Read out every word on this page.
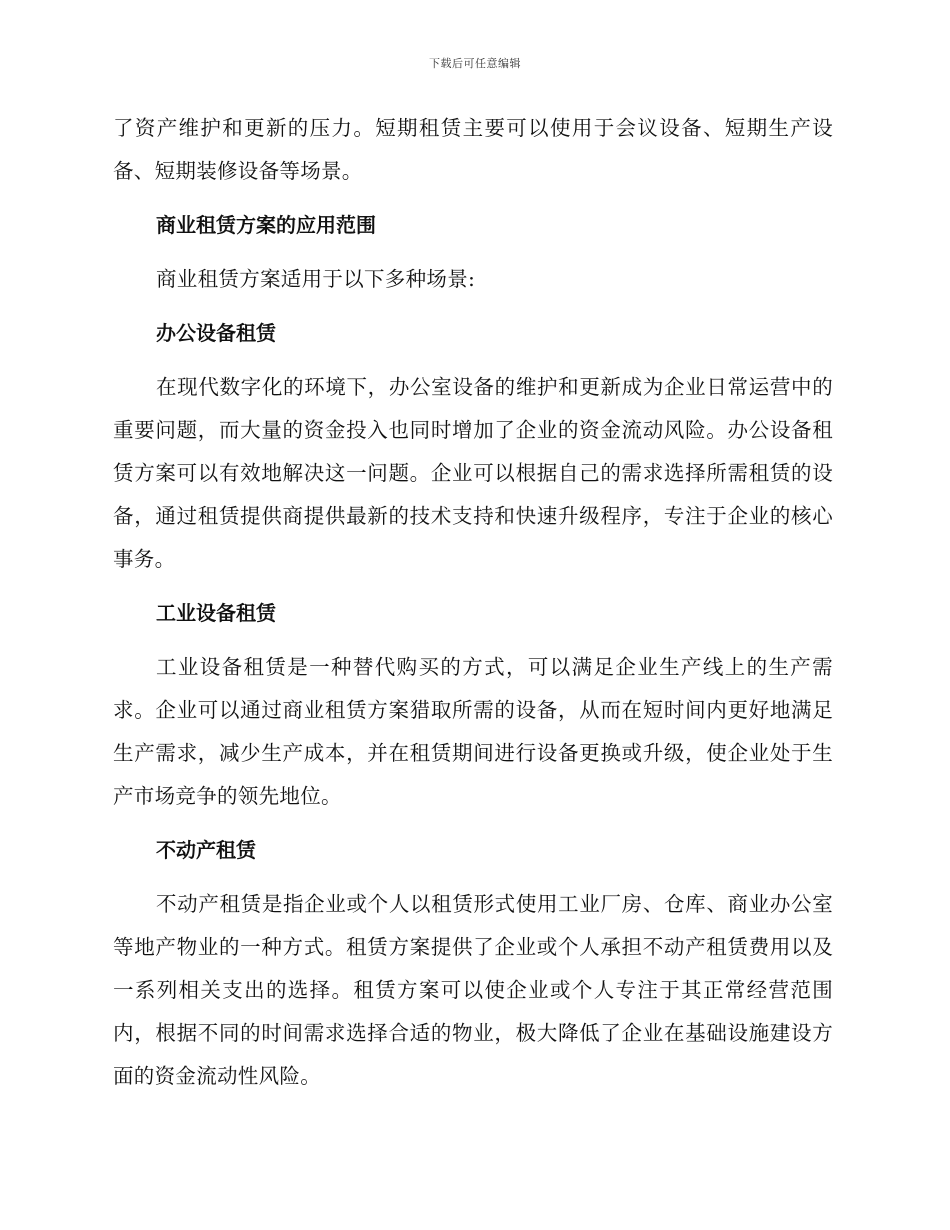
下载后可任意编辑

了资产维护和更新的压力。短期租赁主要可以使用于会议设备、短期生产设备、短期装修设备等场景。

商业租赁方案的应用范围

商业租赁方案适用于以下多种场景:

办公设备租赁

在现代数字化的环境下，办公室设备的维护和更新成为企业日常运营中的重要问题，而大量的资金投入也同时增加了企业的资金流动风险。办公设备租赁方案可以有效地解决这一问题。企业可以根据自己的需求选择所需租赁的设备，通过租赁提供商提供最新的技术支持和快速升级程序，专注于企业的核心事务。

工业设备租赁

工业设备租赁是一种替代购买的方式，可以满足企业生产线上的生产需求。企业可以通过商业租赁方案猎取所需的设备，从而在短时间内更好地满足生产需求，减少生产成本，并在租赁期间进行设备更换或升级，使企业处于生产市场竞争的领先地位。

不动产租赁

不动产租赁是指企业或个人以租赁形式使用工业厂房、仓库、商业办公室等地产物业的一种方式。租赁方案提供了企业或个人承担不动产租赁费用以及一系列相关支出的选择。租赁方案可以使企业或个人专注于其正常经营范围内，根据不同的时间需求选择合适的物业，极大降低了企业在基础设施建设方面的资金流动性风险。
